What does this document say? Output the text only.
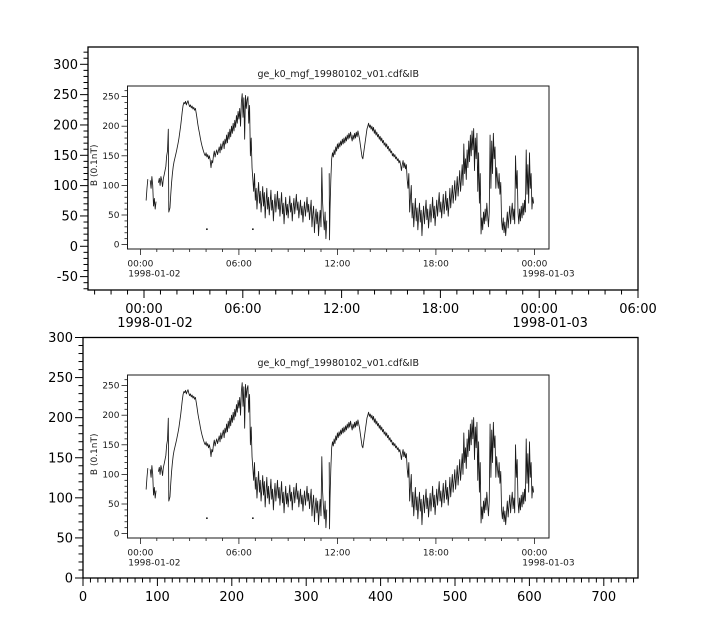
300
250
200
150
100
50
0
-50
00:00
1998-01-02
06:00	12:00	18:00	00:00
1998-01-03
06:00
ge_k0_mgf_19980102_v01.cdf&IB
B (0.1nT)
250
200
150
100
50
0
00:00
1998-01-02
06:00	12:00	18:00	00:00
1998-01-03
300
250
200
150
100
50
0
0	100	200	300	400	500	600	700
ge_k0_mgf_19980102_v01.cdf&IB
B (0.1nT)
250
200
150
100
50
0
00:00
1998-01-02
06:00	12:00	18:00	00:00
1998-01-03
